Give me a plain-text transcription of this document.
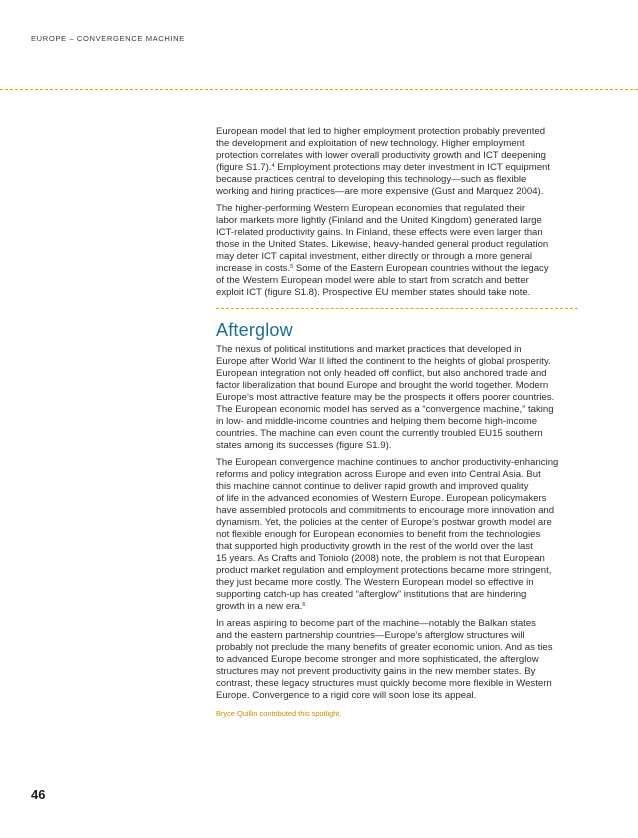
EUROPE – CONVERGENCE MACHINE

European model that led to higher employment protection probably prevented
the development and exploitation of new technology. Higher employment
protection correlates with lower overall productivity growth and ICT deepening
(figure S1.7).$^4$ Employment protections may deter investment in ICT equipment
because practices central to developing this technology—such as flexible
working and hiring practices—are more expensive (Gust and Marquez 2004).

The higher-performing Western European economies that regulated their
labor markets more lightly (Finland and the United Kingdom) generated large
ICT-related productivity gains. In Finland, these effects were even larger than
those in the United States. Likewise, heavy-handed general product regulation
may deter ICT capital investment, either directly or through a more general
increase in costs.$^5$ Some of the Eastern European countries without the legacy
of the Western European model were able to start from scratch and better
exploit ICT (figure S1.8). Prospective EU member states should take note.

Afterglow

The nexus of political institutions and market practices that developed in
Europe after World War II lifted the continent to the heights of global prosperity.
European integration not only headed off conflict, but also anchored trade and
factor liberalization that bound Europe and brought the world together. Modern
Europe’s most attractive feature may be the prospects it offers poorer countries.
The European economic model has served as a “convergence machine,” taking
in low- and middle-income countries and helping them become high-income
countries. The machine can even count the currently troubled EU15 southern
states among its successes (figure S1.9).

The European convergence machine continues to anchor productivity-enhancing
reforms and policy integration across Europe and even into Central Asia. But
this machine cannot continue to deliver rapid growth and improved quality
of life in the advanced economies of Western Europe. European policymakers
have assembled protocols and commitments to encourage more innovation and
dynamism. Yet, the policies at the center of Europe’s postwar growth model are
not flexible enough for European economies to benefit from the technologies
that supported high productivity growth in the rest of the world over the last
15 years. As Crafts and Toniolo (2008) note, the problem is not that European
product market regulation and employment protections became more stringent,
they just became more costly. The Western European model so effective in
supporting catch-up has created “afterglow” institutions that are hindering
growth in a new era.$^6$

In areas aspiring to become part of the machine—notably the Balkan states
and the eastern partnership countries—Europe’s afterglow structures will
probably not preclude the many benefits of greater economic union. And as ties
to advanced Europe become stronger and more sophisticated, the afterglow
structures may not prevent productivity gains in the new member states. By
contrast, these legacy structures must quickly become more flexible in Western
Europe. Convergence to a rigid core will soon lose its appeal.

Bryce Quillin contributed this spotlight.
46
